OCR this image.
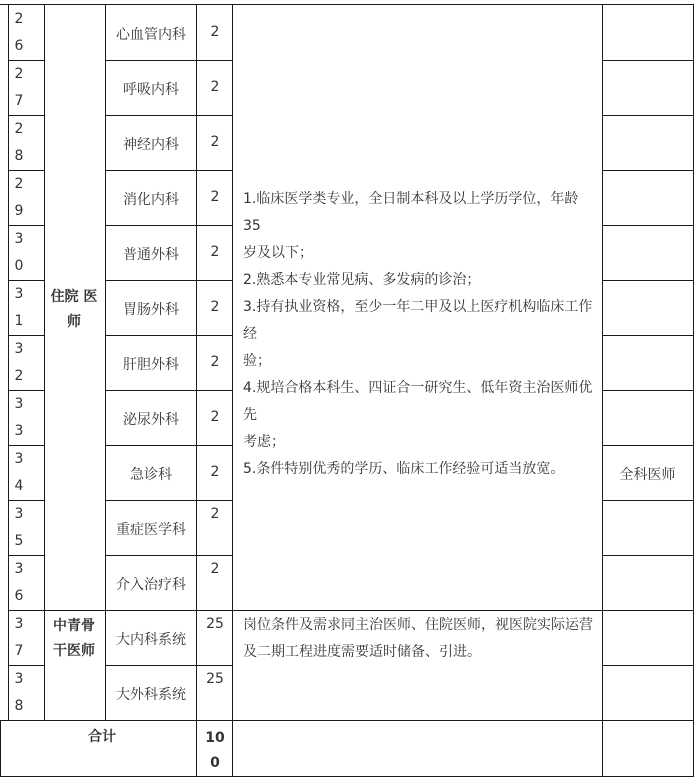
2
6
2
7
2
8
2
9
3
0
3
1
3
2
3
3
3
4
3
5
3
6
3
7
3
8
心血管内科
呼吸内科
神经内科
消化内科
普通外科
胃肠外科
肝胆外科
泌尿外科
急诊科
重症医学科
介入治疗科
大内科系统
大外科系统
2
2
2
2
2
2
2
2
2
2
2
25
25
住院 医
师
中青骨
干医师
1.临床医学类专业，全日制本科及以上学历学位，年龄35
岁及以下；
2.熟悉本专业常见病、多发病的诊治；
3.持有执业资格，至少一年二甲及以上医疗机构临床工作经
验；
4.规培合格本科生、四证合一研究生、低年资主治医师优先
考虑；
5.条件特别优秀的学历、临床工作经验可适当放宽。
岗位条件及需求同主治医师、住院医师，视医院实际运营
及二期工程进度需要适时储备、引进。
全科医师
合计	10
0
